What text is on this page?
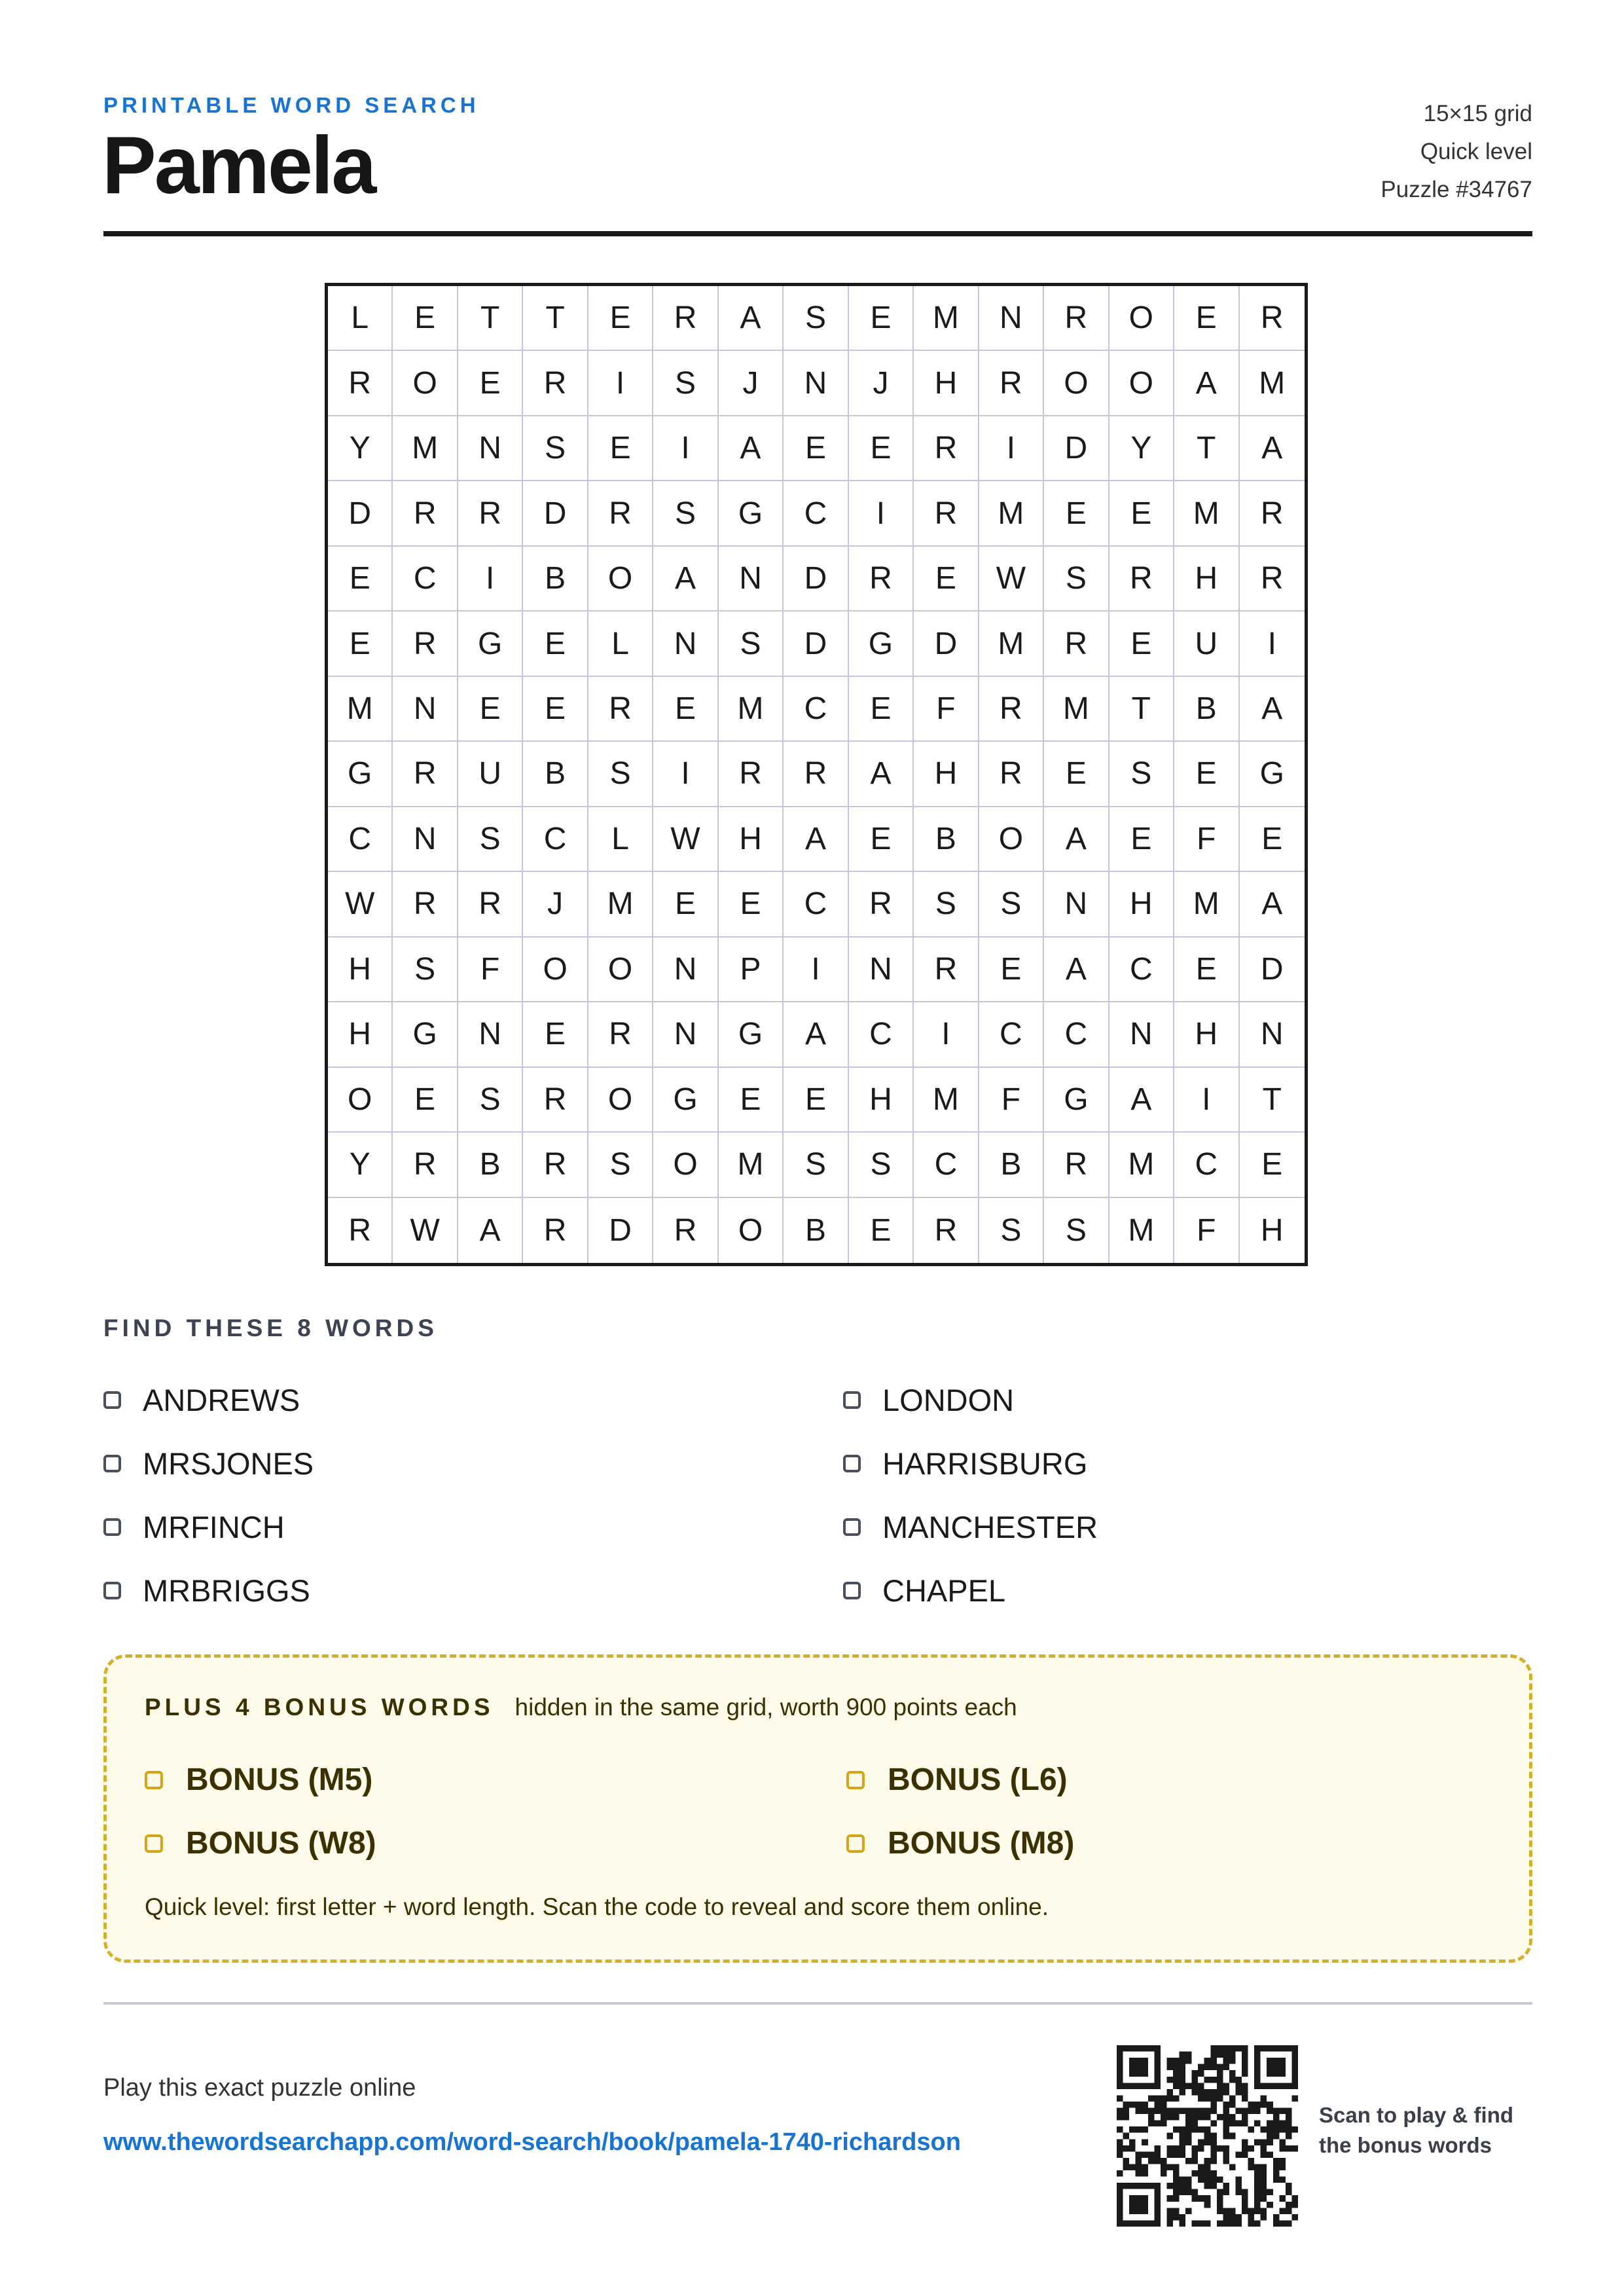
PRINTABLE WORD SEARCH
Pamela
15×15 grid
Quick level
Puzzle #34767
L	E	T	T	E	R	A	S	E	M	N	R	O	E	R
R	O	E	R	I	S	J	N	J	H	R	O	O	A	M
Y	M	N	S	E	I	A	E	E	R	I	D	Y	T	A
D	R	R	D	R	S	G	C	I	R	M	E	E	M	R
E	C	I	B	O	A	N	D	R	E	W	S	R	H	R
E	R	G	E	L	N	S	D	G	D	M	R	E	U	I
M	N	E	E	R	E	M	C	E	F	R	M	T	B	A
G	R	U	B	S	I	R	R	A	H	R	E	S	E	G
C	N	S	C	L	W	H	A	E	B	O	A	E	F	E
W	R	R	J	M	E	E	C	R	S	S	N	H	M	A
H	S	F	O	O	N	P	I	N	R	E	A	C	E	D
H	G	N	E	R	N	G	A	C	I	C	C	N	H	N
O	E	S	R	O	G	E	E	H	M	F	G	A	I	T
Y	R	B	R	S	O	M	S	S	C	B	R	M	C	E
R	W	A	R	D	R	O	B	E	R	S	S	M	F	H
FIND THESE 8 WORDS
ANDREWS	LONDON
MRSJONES	HARRISBURG
MRFINCH	MANCHESTER
MRBRIGGS	CHAPEL
PLUS 4 BONUS WORDS hidden in the same grid, worth 900 points each
BONUS (M5)	BONUS (L6)
BONUS (W8)	BONUS (M8)
Quick level: first letter + word length. Scan the code to reveal and score them online.
Play this exact puzzle online
www.thewordsearchapp.com/word-search/book/pamela-1740-richardson
Scan to play & find the bonus words
